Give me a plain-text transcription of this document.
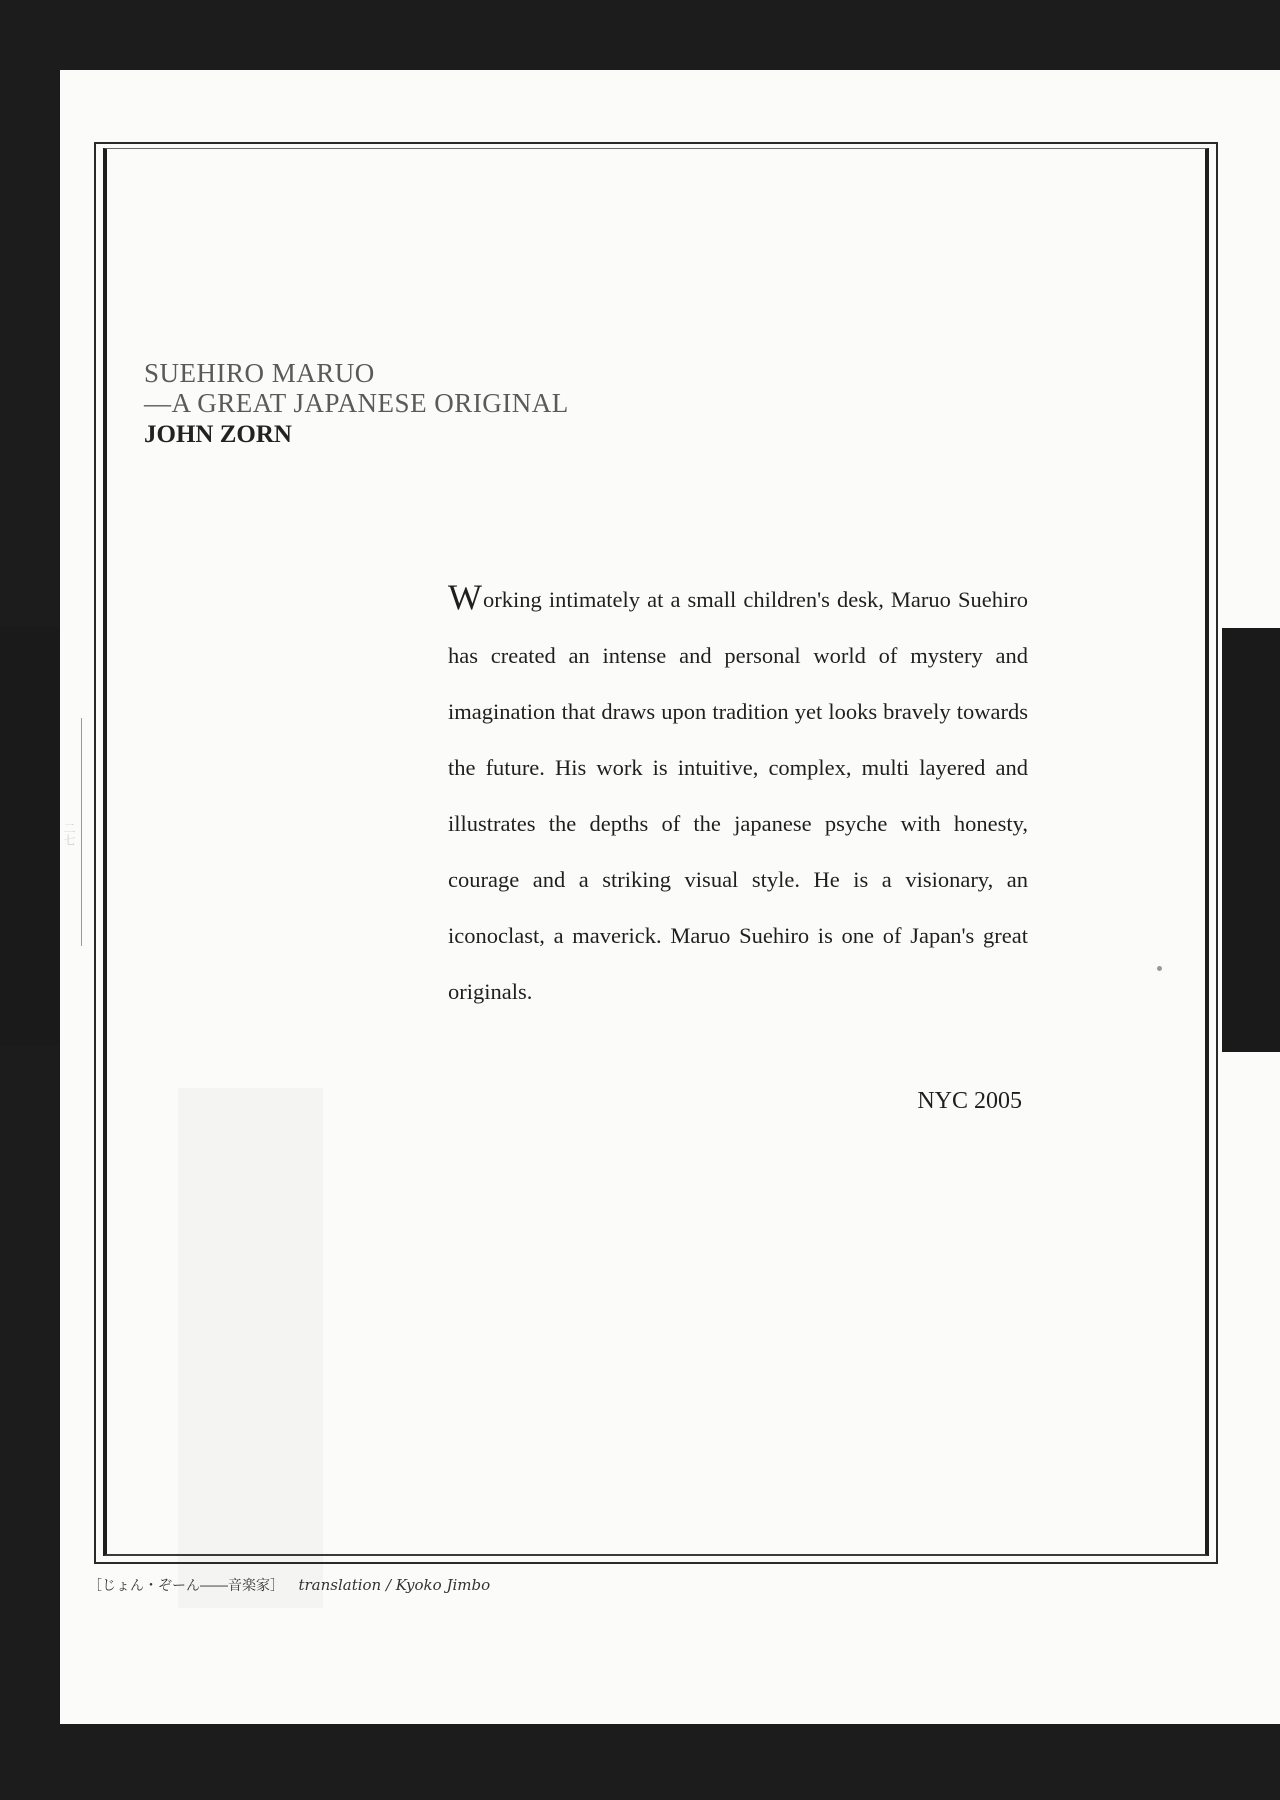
SUEHIRO MARUO
—A GREAT JAPANESE ORIGINAL
JOHN ZORN

Working intimately at a small children's desk, Maruo Suehiro has created an intense and personal world of mystery and imagination that draws upon tradition yet looks bravely towards the future. His work is intuitive, complex, multi layered and illustrates the depths of the japanese psyche with honesty, courage and a striking visual style. He is a visionary, an iconoclast, a maverick. Maruo Suehiro is one of Japan's great originals.

NYC 2005
［じょん・ぞーん――音楽家］ translation / Kyoko Jimbo
二七
